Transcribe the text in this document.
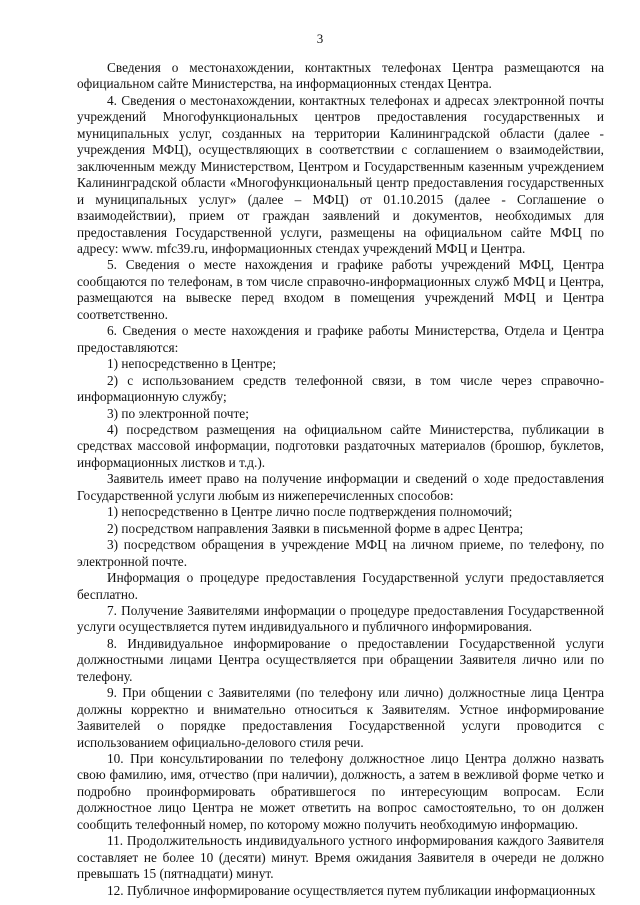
3

Сведения о местонахождении, контактных телефонах Центра размещаются на официальном сайте Министерства, на информационных стендах Центра.

4. Сведения о местонахождении, контактных телефонах и адресах электронной почты учреждений Многофункциональных центров предоставления государственных и муниципальных услуг, созданных на территории Калининградской области (далее - учреждения МФЦ), осуществляющих в соответствии с соглашением о взаимодействии, заключенным между Министерством, Центром и Государственным казенным учреждением Калининградской области «Многофункциональный центр предоставления государственных и муниципальных услуг» (далее – МФЦ) от 01.10.2015 (далее - Соглашение о взаимодействии), прием от граждан заявлений и документов, необходимых для предоставления Государственной услуги, размещены на официальном сайте МФЦ по адресу: www. mfc39.ru, информационных стендах учреждений МФЦ и Центра.

5. Сведения о месте нахождения и графике работы учреждений МФЦ, Центра сообщаются по телефонам, в том числе справочно-информационных служб МФЦ и Центра, размещаются на вывеске перед входом в помещения учреждений МФЦ и Центра соответственно.

6. Сведения о месте нахождения и графике работы Министерства, Отдела и Центра предоставляются:

1) непосредственно в Центре;

2) с использованием средств телефонной связи, в том числе через справочно-информационную службу;

3) по электронной почте;

4) посредством размещения на официальном сайте Министерства, публикации в средствах массовой информации, подготовки раздаточных материалов (брошюр, буклетов, информационных листков и т.д.).

Заявитель имеет право на получение информации и сведений о ходе предоставления Государственной услуги любым из нижеперечисленных способов:

1) непосредственно в Центре лично после подтверждения полномочий;

2) посредством направления Заявки в письменной форме в адрес Центра;

3) посредством обращения в учреждение МФЦ на личном приеме, по телефону, по электронной почте.

Информация о процедуре предоставления Государственной услуги предоставляется бесплатно.

7. Получение Заявителями информации о процедуре предоставления Государственной услуги осуществляется путем индивидуального и публичного информирования.

8. Индивидуальное информирование о предоставлении Государственной услуги должностными лицами Центра осуществляется при обращении Заявителя лично или по телефону.

9. При общении с Заявителями (по телефону или лично) должностные лица Центра должны корректно и внимательно относиться к Заявителям. Устное информирование Заявителей о порядке предоставления Государственной услуги проводится с использованием официально-делового стиля речи.

10. При консультировании по телефону должностное лицо Центра должно назвать свою фамилию, имя, отчество (при наличии), должность, а затем в вежливой форме четко и подробно проинформировать обратившегося по интересующим вопросам. Если должностное лицо Центра не может ответить на вопрос самостоятельно, то он должен сообщить телефонный номер, по которому можно получить необходимую информацию.

11. Продолжительность индивидуального устного информирования каждого Заявителя составляет не более 10 (десяти) минут. Время ожидания Заявителя в очереди не должно превышать 15 (пятнадцати) минут.

12. Публичное информирование осуществляется путем публикации информационных
